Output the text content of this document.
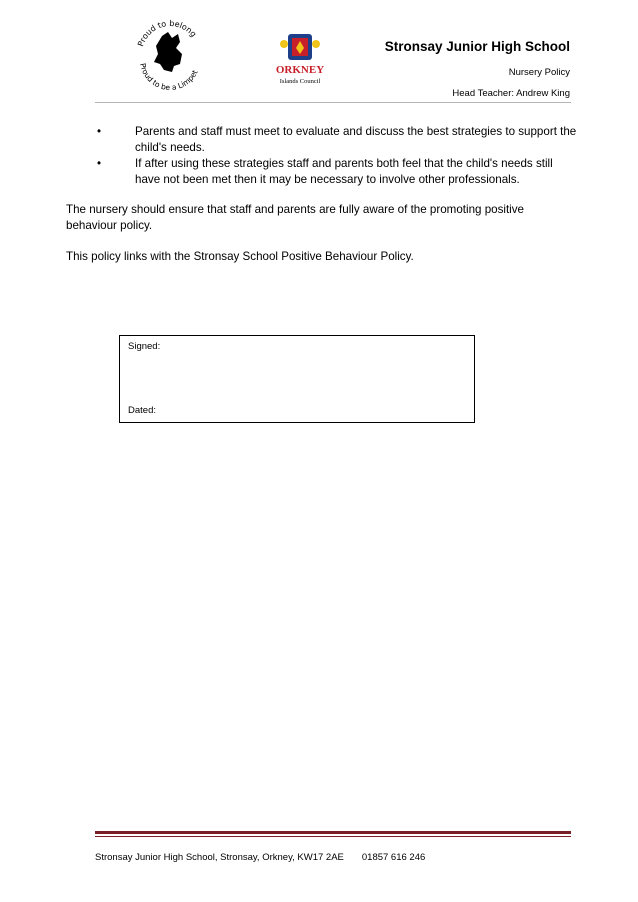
Proud to belong
Proud to be a Limpet	ORKNEY
Islands Council
Stronsay Junior High School
Nursery Policy
Head Teacher: Andrew King
•	Parents and staff must meet to evaluate and discuss the best strategies to support the child's needs.
•	If after using these strategies staff and parents both feel that the child's needs still have not been met then it may be necessary to involve other professionals.
The nursery should ensure that staff and parents are fully aware of the promoting positive behaviour policy.
This policy links with the Stronsay School Positive Behaviour Policy.
Signed:
Dated:
Stronsay Junior High School, Stronsay, Orkney, KW17 2AE 01857 616 246
